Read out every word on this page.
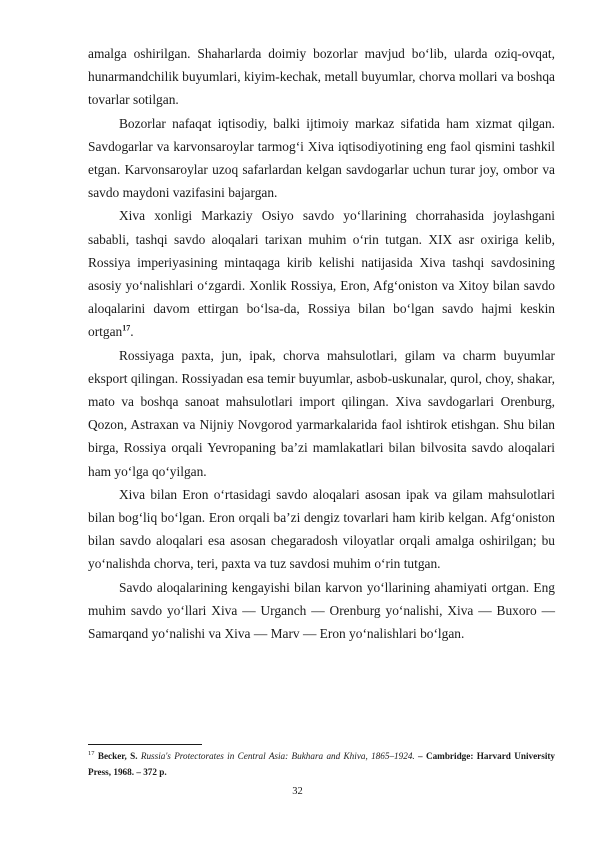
amalga oshirilgan. Shaharlarda doimiy bozorlar mavjud bo‘lib, ularda oziq-ovqat, hunarmandchilik buyumlari, kiyim-kechak, metall buyumlar, chorva mollari va boshqa tovarlar sotilgan.

Bozorlar nafaqat iqtisodiy, balki ijtimoiy markaz sifatida ham xizmat qilgan. Savdogarlar va karvonsaroylar tarmog‘i Xiva iqtisodiyotining eng faol qismini tashkil etgan. Karvonsaroylar uzoq safarlardan kelgan savdogarlar uchun turar joy, ombor va savdo maydoni vazifasini bajargan.

Xiva xonligi Markaziy Osiyo savdo yo‘llarining chorrahasida joylashgani sababli, tashqi savdo aloqalari tarixan muhim o‘rin tutgan. XIX asr oxiriga kelib, Rossiya imperiyasining mintaqaga kirib kelishi natijasida Xiva tashqi savdosining asosiy yo‘nalishlari o‘zgardi. Xonlik Rossiya, Eron, Afg‘oniston va Xitoy bilan savdo aloqalarini davom ettirgan bo‘lsa-da, Rossiya bilan bo‘lgan savdo hajmi keskin ortgan$^{17}$.

Rossiyaga paxta, jun, ipak, chorva mahsulotlari, gilam va charm buyumlar eksport qilingan. Rossiyadan esa temir buyumlar, asbob-uskunalar, qurol, choy, shakar, mato va boshqa sanoat mahsulotlari import qilingan. Xiva savdogarlari Orenburg, Qozon, Astraxan va Nijniy Novgorod yarmarkalarida faol ishtirok etishgan. Shu bilan birga, Rossiya orqali Yevropaning ba’zi mamlakatlari bilan bilvosita savdo aloqalari ham yo‘lga qo‘yilgan.

Xiva bilan Eron o‘rtasidagi savdo aloqalari asosan ipak va gilam mahsulotlari bilan bog‘liq bo‘lgan. Eron orqali ba’zi dengiz tovarlari ham kirib kelgan. Afg‘oniston bilan savdo aloqalari esa asosan chegaradosh viloyatlar orqali amalga oshirilgan; bu yo‘nalishda chorva, teri, paxta va tuz savdosi muhim o‘rin tutgan.

Savdo aloqalarining kengayishi bilan karvon yo‘llarining ahamiyati ortgan. Eng muhim savdo yo‘llari Xiva — Urganch — Orenburg yo‘nalishi, Xiva — Buxoro — Samarqand yo‘nalishi va Xiva — Marv — Eron yo‘nalishlari bo‘lgan.

$^{17}$ Becker, S. Russia's Protectorates in Central Asia: Bukhara and Khiva, 1865–1924. – Cambridge: Harvard University Press, 1968. – 372 p.
32
